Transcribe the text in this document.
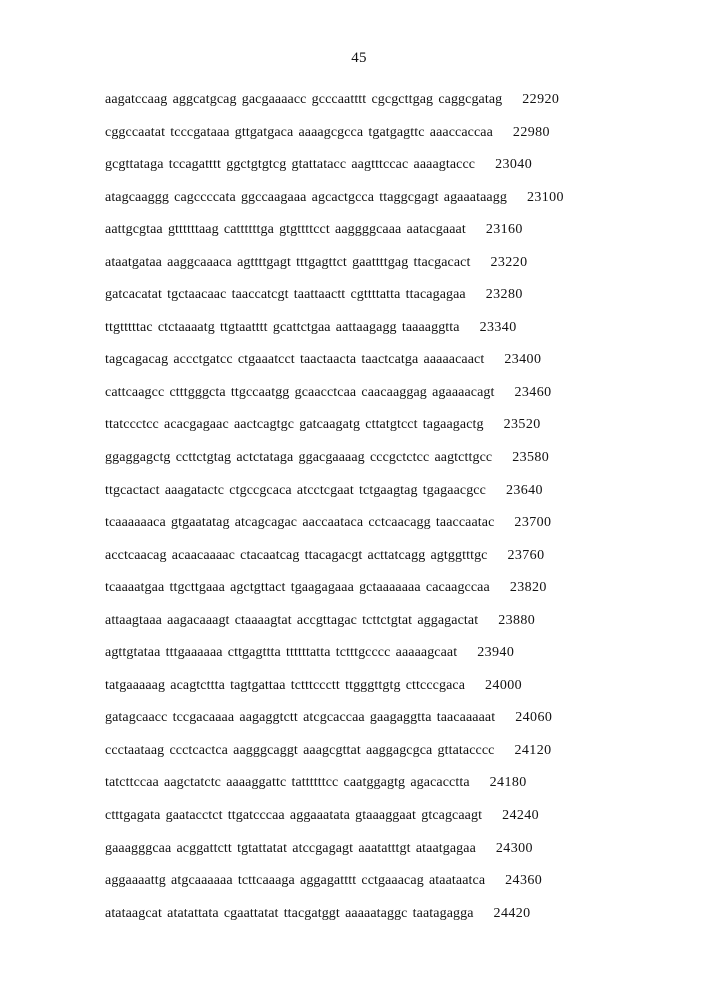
45
aagatccaag aggcatgcag gacgaaaacc gcccaatttt cgcgcttgag caggcgatag 22920
cggccaatat tcccgataaa gttgatgaca aaaagcgcca tgatgagttc aaaccaccaa 22980
gcgttataga tccagatttt ggctgtgtcg gtattatacc aagtttccac aaaagtaccc 23040
atagcaaggg cagccccata ggccaagaaa agcactgcca ttaggcgagt agaaataagg 23100
aattgcgtaa gttttttaag cattttttga gtgttttcct aaggggcaaa aatacgaaat 23160
ataatgataa aaggcaaaca agttttgagt tttgagttct gaattttgag ttacgacact 23220
gatcacatat tgctaacaac taaccatcgt taattaactt cgttttatta ttacagagaa 23280
ttgtttttac ctctaaaatg ttgtaatttt gcattctgaa aattaagagg taaaaggtta 23340
tagcagacag accctgatcc ctgaaatcct taactaacta taactcatga aaaaacaact 23400
cattcaagcc ctttgggcta ttgccaatgg gcaacctcaa caacaaggag agaaaacagt 23460
ttatccctcc acacgagaac aactcagtgc gatcaagatg cttatgtcct tagaagactg 23520
ggaggagctg ccttctgtag actctataga ggacgaaaag cccgctctcc aagtcttgcc 23580
ttgcactact aaagatactc ctgccgcaca atcctcgaat tctgaagtag tgagaacgcc 23640
tcaaaaaaca gtgaatatag atcagcagac aaccaataca cctcaacagg taaccaatac 23700
acctcaacag acaacaaaac ctacaatcag ttacagacgt acttatcagg agtggtttgc 23760
tcaaaatgaa ttgcttgaaa agctgttact tgaagagaaa gctaaaaaaa cacaagccaa 23820
attaagtaaa aagacaaagt ctaaaagtat accgttagac tcttctgtat aggagactat 23880
agttgtataa tttgaaaaaa cttgagttta ttttttatta tctttgcccc aaaaagcaat 23940
tatgaaaaag acagtcttta tagtgattaa tctttccctt ttgggttgtg cttcccgaca 24000
gatagcaacc tccgacaaaa aagaggtctt atcgcaccaa gaagaggtta taacaaaaat 24060
ccctaataag ccctcactca aagggcaggt aaagcgttat aaggagcgca gttatacccc 24120
tatcttccaa aagctatctc aaaaggattc tattttttcc caatggagtg agacacctta 24180
ctttgagata gaatacctct ttgatcccaa aggaaatata gtaaaggaat gtcagcaagt 24240
gaaagggcaa acggattctt tgtattatat atccgagagt aaatatttgt ataatgagaa 24300
aggaaaattg atgcaaaaaa tcttcaaaga aggagatttt cctgaaacag ataataatca 24360
atataagcat atatattata cgaattatat ttacgatggt aaaaataggc taatagagga 24420
